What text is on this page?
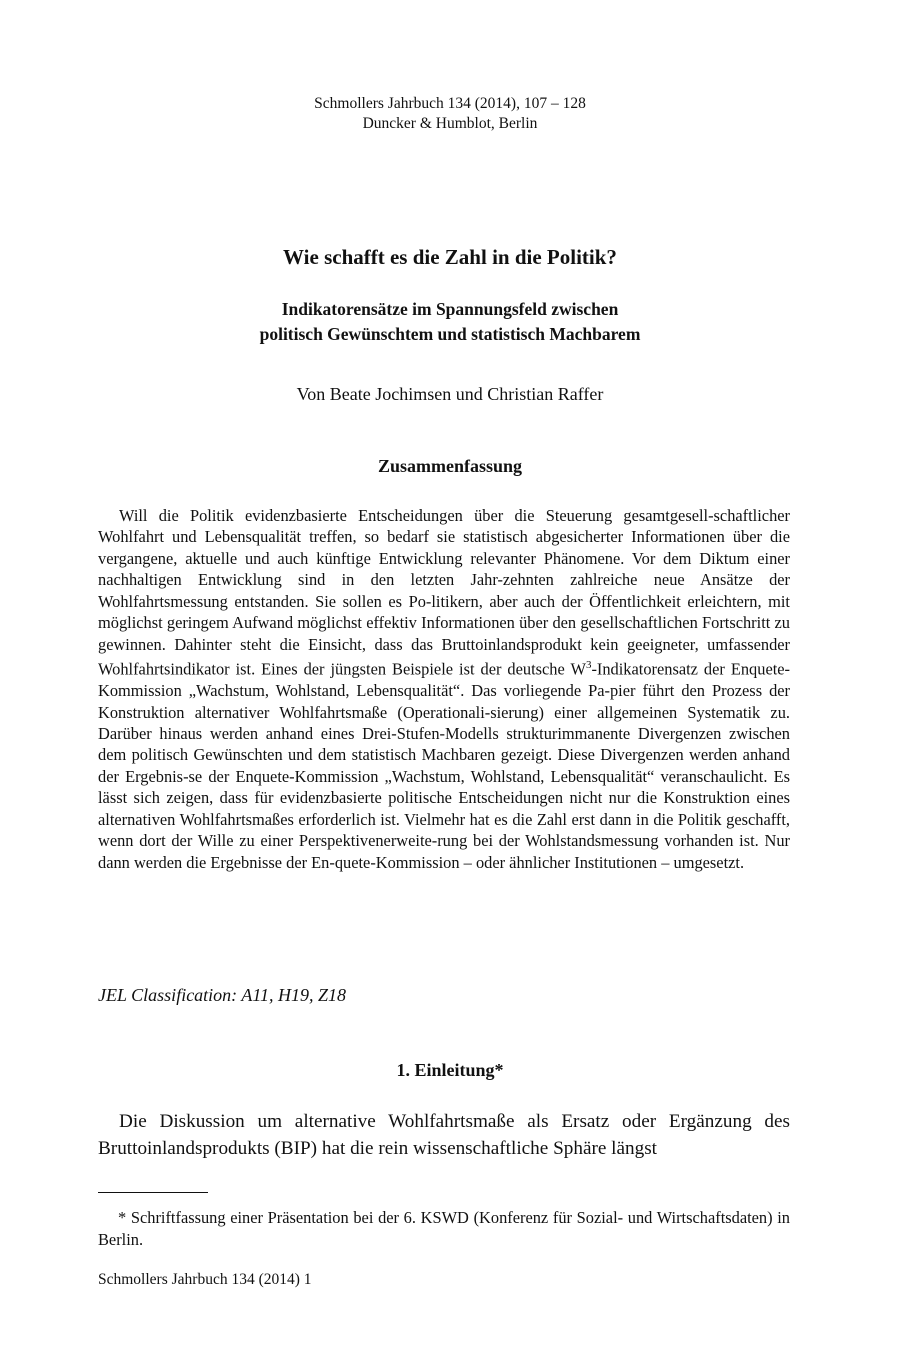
Schmollers Jahrbuch 134 (2014), 107 – 128
Duncker & Humblot, Berlin
Wie schafft es die Zahl in die Politik?
Indikatorensätze im Spannungsfeld zwischen
politisch Gewünschtem und statistisch Machbarem
Von Beate Jochimsen und Christian Raffer
Zusammenfassung
Will die Politik evidenzbasierte Entscheidungen über die Steuerung gesamtgesell-schaftlicher Wohlfahrt und Lebensqualität treffen, so bedarf sie statistisch abgesicherter Informationen über die vergangene, aktuelle und auch künftige Entwicklung relevanter Phänomene. Vor dem Diktum einer nachhaltigen Entwicklung sind in den letzten Jahr-zehnten zahlreiche neue Ansätze der Wohlfahrtsmessung entstanden. Sie sollen es Po-litikern, aber auch der Öffentlichkeit erleichtern, mit möglichst geringem Aufwand möglichst effektiv Informationen über den gesellschaftlichen Fortschritt zu gewinnen. Dahinter steht die Einsicht, dass das Bruttoinlandsprodukt kein geeigneter, umfassender Wohlfahrtsindikator ist. Eines der jüngsten Beispiele ist der deutsche $W^3$-Indikatorensatz der Enquete-Kommission „Wachstum, Wohlstand, Lebensqualität“. Das vorliegende Pa-pier führt den Prozess der Konstruktion alternativer Wohlfahrtsmaße (Operationali-sierung) einer allgemeinen Systematik zu. Darüber hinaus werden anhand eines Drei-Stufen-Modells strukturimmanente Divergenzen zwischen dem politisch Gewünschten und dem statistisch Machbaren gezeigt. Diese Divergenzen werden anhand der Ergebnis-se der Enquete-Kommission „Wachstum, Wohlstand, Lebensqualität“ veranschaulicht. Es lässt sich zeigen, dass für evidenzbasierte politische Entscheidungen nicht nur die Konstruktion eines alternativen Wohlfahrtsmaßes erforderlich ist. Vielmehr hat es die Zahl erst dann in die Politik geschafft, wenn dort der Wille zu einer Perspektivenerweite-rung bei der Wohlstandsmessung vorhanden ist. Nur dann werden die Ergebnisse der En-quete-Kommission – oder ähnlicher Institutionen – umgesetzt.
JEL Classification: A11, H19, Z18
1. Einleitung*
Die Diskussion um alternative Wohlfahrtsmaße als Ersatz oder Ergänzung des Bruttoinlandsprodukts (BIP) hat die rein wissenschaftliche Sphäre längst
* Schriftfassung einer Präsentation bei der 6. KSWD (Konferenz für Sozial- und Wirtschaftsdaten) in Berlin.
Schmollers Jahrbuch 134 (2014) 1
